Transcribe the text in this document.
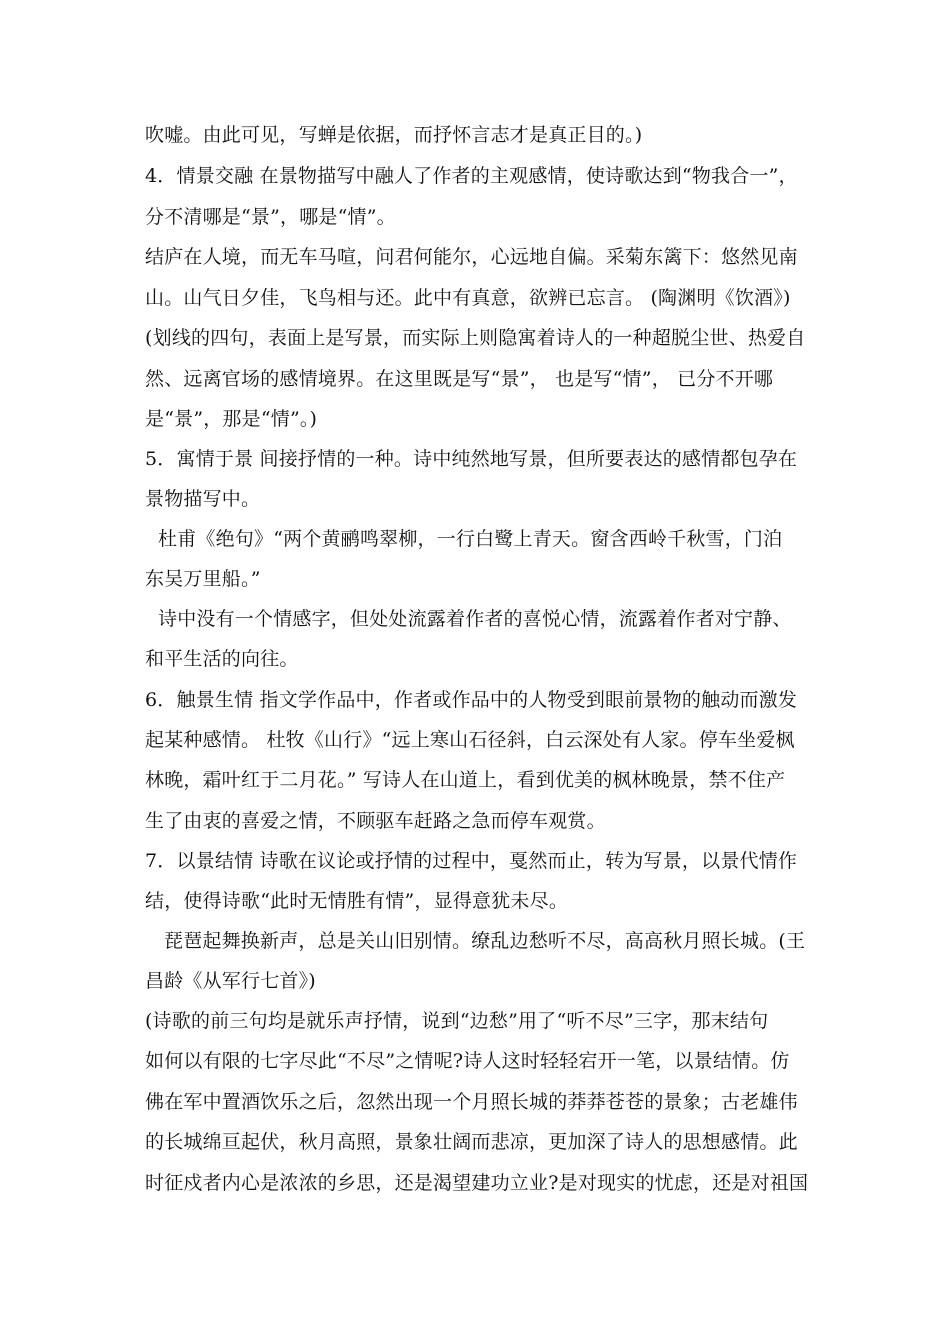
吹嘘。由此可见，写蝉是依据，而抒怀言志才是真正目的。)
4．情景交融 在景物描写中融人了作者的主观感情，使诗歌达到“物我合一”，
分不清哪是“景”，哪是“情”。
结庐在人境，而无车马喧，问君何能尔，心远地自偏。采菊东篱下：悠然见南
山。山气日夕佳，飞鸟相与还。此中有真意，欲辨已忘言。 (陶渊明《饮酒》)
(划线的四句，表面上是写景，而实际上则隐寓着诗人的一种超脱尘世、热爱自
然、远离官场的感情境界。在这里既是写“景”， 也是写“情”， 已分不开哪
是“景”，那是“情”。)
5．寓情于景 间接抒情的一种。诗中纯然地写景，但所要表达的感情都包孕在
景物描写中。
杜甫《绝句》“两个黄鹂鸣翠柳，一行白鹭上青天。窗含西岭千秋雪，门泊
东吴万里船。”
诗中没有一个情感字，但处处流露着作者的喜悦心情，流露着作者对宁静、
和平生活的向往。
6．触景生情 指文学作品中，作者或作品中的人物受到眼前景物的触动而激发
起某种感情。 杜牧《山行》“远上寒山石径斜，白云深处有人家。停车坐爱枫
林晚，霜叶红于二月花。” 写诗人在山道上，看到优美的枫林晚景，禁不住产
生了由衷的喜爱之情，不顾驱车赶路之急而停车观赏。
7．以景结情 诗歌在议论或抒情的过程中，戛然而止，转为写景，以景代情作
结，使得诗歌“此时无情胜有情”，显得意犹未尽。
琵琶起舞换新声，总是关山旧别情。缭乱边愁听不尽，高高秋月照长城。(王
昌龄《从军行七首》)
(诗歌的前三句均是就乐声抒情，说到“边愁”用了“听不尽”三字，那末结句
如何以有限的七字尽此“不尽”之情呢?诗人这时轻轻宕开一笔，以景结情。仿
佛在军中置酒饮乐之后，忽然出现一个月照长城的莽莽苍苍的景象；古老雄伟
的长城绵亘起伏，秋月高照，景象壮阔而悲凉，更加深了诗人的思想感情。此
时征戍者内心是浓浓的乡思，还是渴望建功立业?是对现实的忧虑，还是对祖国
